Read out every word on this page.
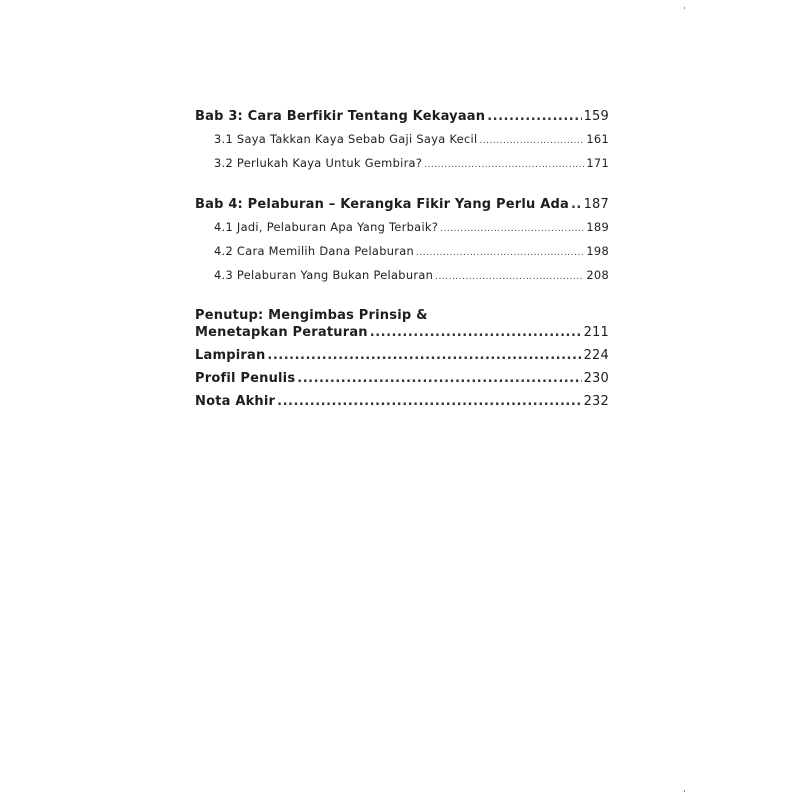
Bab 3: Cara Berfikir Tentang Kekayaan .....	159
3.1 Saya Takkan Kaya Sebab Gaji Saya Kecil .....	161
3.2 Perlukah Kaya Untuk Gembira? .....	171
Bab 4: Pelaburan – Kerangka Fikir Yang Perlu Ada ..... 187
4.1 Jadi, Pelaburan Apa Yang Terbaik? .....	189
4.2 Cara Memilih Dana Pelaburan .....	198
4.3 Pelaburan Yang Bukan Pelaburan .....	208
Penutup: Mengimbas Prinsip &
Menetapkan Peraturan .....	211
Lampiran .....	224
Profil Penulis .....	230
Nota Akhir .....	232
